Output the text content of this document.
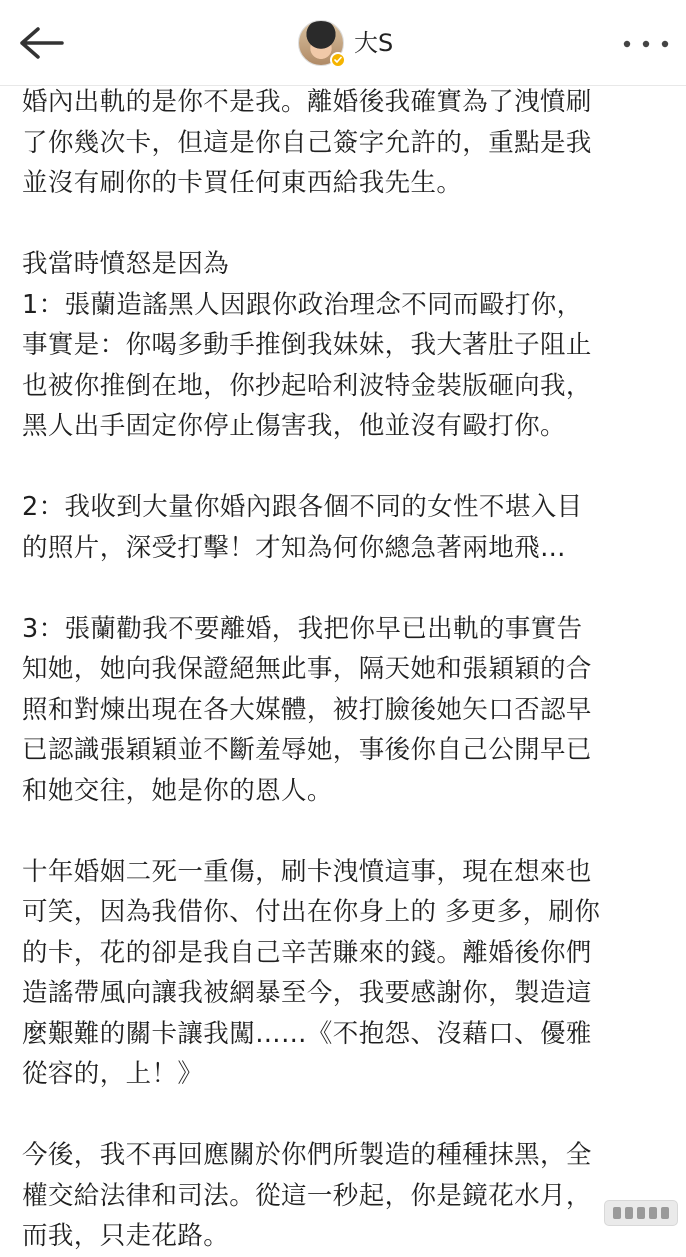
大S

婚內出軌的是你不是我。離婚後我確實為了洩憤刷
了你幾次卡，但這是你自己簽字允許的，重點是我
並沒有刷你的卡買任何東西給我先生。

我當時憤怒是因為
1：張蘭造謠黑人因跟你政治理念不同而毆打你，
事實是：你喝多動手推倒我妹妹，我大著肚子阻止
也被你推倒在地，你抄起哈利波特金裝版砸向我，
黑人出手固定你停止傷害我，他並沒有毆打你。

2：我收到大量你婚內跟各個不同的女性不堪入目
的照片，深受打擊！才知為何你總急著兩地飛…

3：張蘭勸我不要離婚，我把你早已出軌的事實告
知她，她向我保證絕無此事，隔天她和張穎穎的合
照和對煉出現在各大媒體，被打臉後她矢口否認早
已認識張穎穎並不斷羞辱她，事後你自己公開早已
和她交往，她是你的恩人。

十年婚姻二死一重傷，刷卡洩憤這事，現在想來也
可笑，因為我借你、付出在你身上的 多更多，刷你
的卡，花的卻是我自己辛苦賺來的錢。離婚後你們
造謠帶風向讓我被網暴至今，我要感謝你，製造這
麼艱難的關卡讓我闖……《不抱怨、沒藉口、優雅
從容的，上！》

今後，我不再回應關於你們所製造的種種抹黑，全
權交給法律和司法。從這一秒起，你是鏡花水月，
而我，只走花路。
